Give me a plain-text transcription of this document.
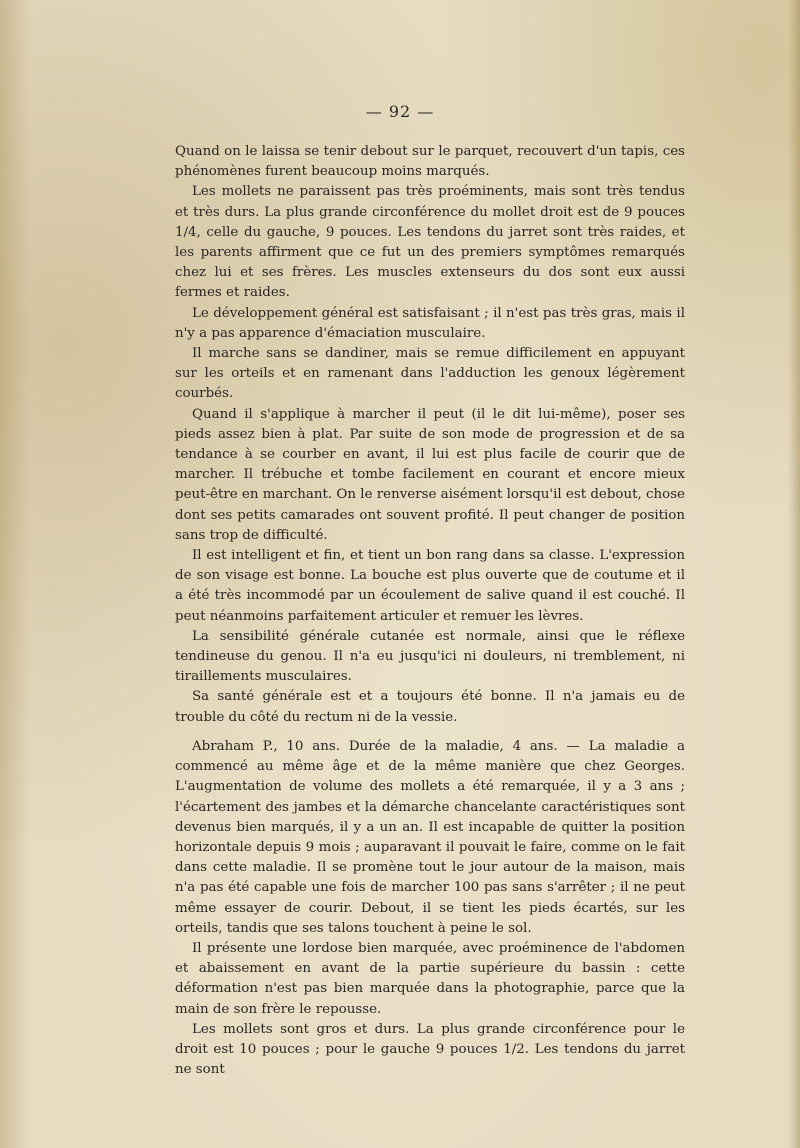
— 92 —

Quand on le laissa se tenir debout sur le parquet, recouvert d'un tapis, ces phénomènes furent beaucoup moins marqués.

Les mollets ne paraissent pas très proéminents, mais sont très tendus et très durs. La plus grande circonférence du mollet droit est de 9 pouces 1/4, celle du gauche, 9 pouces. Les tendons du jarret sont très raides, et les parents affirment que ce fut un des premiers symptômes remarqués chez lui et ses frères. Les muscles extenseurs du dos sont eux aussi fermes et raides.

Le développement général est satisfaisant ; il n'est pas très gras, mais il n'y a pas apparence d'émaciation musculaire.

Il marche sans se dandiner, mais se remue difficilement en appuyant sur les orteils et en ramenant dans l'adduction les genoux légèrement courbés.

Quand il s'applique à marcher il peut (il le dit lui-même), poser ses pieds assez bien à plat. Par suite de son mode de progression et de sa tendance à se courber en avant, il lui est plus facile de courir que de marcher. Il trébuche et tombe facilement en courant et encore mieux peut-être en marchant. On le renverse aisément lorsqu'il est debout, chose dont ses petits camarades ont souvent profité. Il peut changer de position sans trop de difficulté.

Il est intelligent et fin, et tient un bon rang dans sa classe. L'expression de son visage est bonne. La bouche est plus ouverte que de coutume et il a été très incommodé par un écoulement de salive quand il est couché. Il peut néanmoins parfaitement articuler et remuer les lèvres.

La sensibilité générale cutanée est normale, ainsi que le réflexe tendineuse du genou. Il n'a eu jusqu'ici ni douleurs, ni tremblement, ni tiraillements musculaires.

Sa santé générale est et a toujours été bonne. Il n'a jamais eu de trouble du côté du rectum ni de la vessie.

Abraham P., 10 ans. Durée de la maladie, 4 ans. — La maladie a commencé au même âge et de la même manière que chez Georges. L'augmentation de volume des mollets a été remarquée, il y a 3 ans ; l'écartement des jambes et la démarche chancelante caractéristiques sont devenus bien marqués, il y a un an. Il est incapable de quitter la position horizontale depuis 9 mois ; auparavant il pouvait le faire, comme on le fait dans cette maladie. Il se promène tout le jour autour de la maison, mais n'a pas été capable une fois de marcher 100 pas sans s'arrêter ; il ne peut même essayer de courir. Debout, il se tient les pieds écartés, sur les orteils, tandis que ses talons touchent à peine le sol.

Il présente une lordose bien marquée, avec proéminence de l'abdomen et abaissement en avant de la partie supérieure du bassin : cette déformation n'est pas bien marquée dans la photographie, parce que la main de son frère le repousse.

Les mollets sont gros et durs. La plus grande circonférence pour le droit est 10 pouces ; pour le gauche 9 pouces 1/2. Les tendons du jarret ne sont
